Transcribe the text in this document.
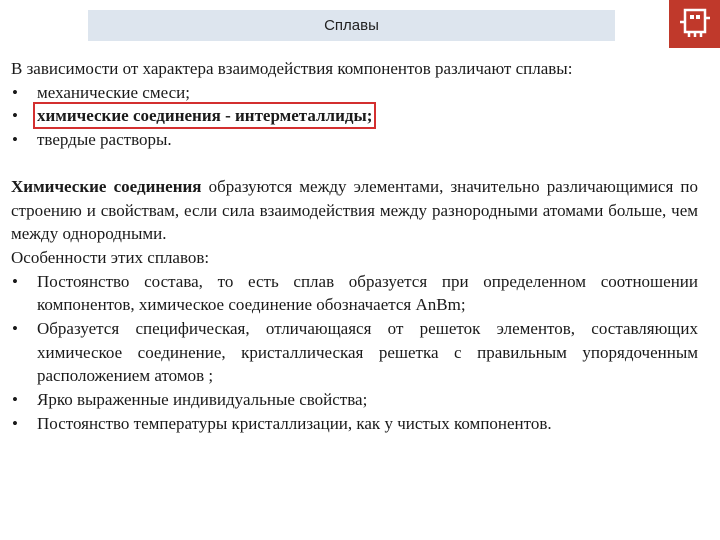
Сплавы

В зависимости от характера взаимодействия компонентов различают сплавы:

• механические смеси;
• химические соединения - интерметаллиды;
• твердые растворы.

Химические соединения образуются между элементами, значительно различающимися по строению и свойствам, если сила взаимодействия между разнородными атомами больше, чем между однородными.

Особенности этих сплавов:

• Постоянство состава, то есть сплав образуется при определенном соотношении компонентов, химическое соединение обозначается AnBm;
• Образуется специфическая, отличающаяся от решеток элементов, составляющих химическое соединение, кристаллическая решетка с правильным упорядоченным расположением атомов ;
• Ярко выраженные индивидуальные свойства;
• Постоянство температуры кристаллизации, как у чистых компонентов.
